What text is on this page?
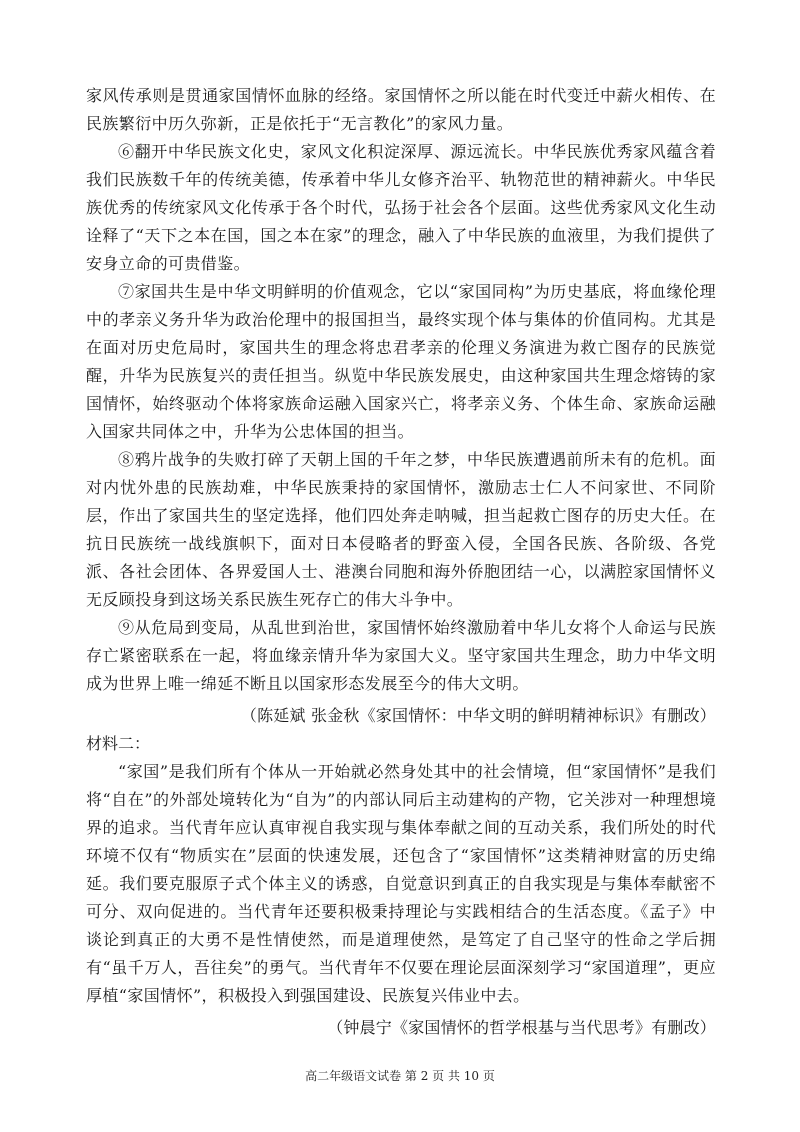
家风传承则是贯通家国情怀血脉的经络。家国情怀之所以能在时代变迁中薪火相传、在民族繁衍中历久弥新，正是依托于“无言教化”的家风力量。

⑥翻开中华民族文化史，家风文化积淀深厚、源远流长。中华民族优秀家风蕴含着我们民族数千年的传统美德，传承着中华儿女修齐治平、轨物范世的精神薪火。中华民族优秀的传统家风文化传承于各个时代，弘扬于社会各个层面。这些优秀家风文化生动诠释了“天下之本在国，国之本在家”的理念，融入了中华民族的血液里，为我们提供了安身立命的可贵借鉴。

⑦家国共生是中华文明鲜明的价值观念，它以“家国同构”为历史基底，将血缘伦理中的孝亲义务升华为政治伦理中的报国担当，最终实现个体与集体的价值同构。尤其是在面对历史危局时，家国共生的理念将忠君孝亲的伦理义务演进为救亡图存的民族觉醒，升华为民族复兴的责任担当。纵览中华民族发展史，由这种家国共生理念熔铸的家国情怀，始终驱动个体将家族命运融入国家兴亡，将孝亲义务、个体生命、家族命运融入国家共同体之中，升华为公忠体国的担当。

⑧鸦片战争的失败打碎了天朝上国的千年之梦，中华民族遭遇前所未有的危机。面对内忧外患的民族劫难，中华民族秉持的家国情怀，激励志士仁人不问家世、不同阶层，作出了家国共生的坚定选择，他们四处奔走呐喊，担当起救亡图存的历史大任。在抗日民族统一战线旗帜下，面对日本侵略者的野蛮入侵，全国各民族、各阶级、各党派、各社会团体、各界爱国人士、港澳台同胞和海外侨胞团结一心，以满腔家国情怀义无反顾投身到这场关系民族生死存亡的伟大斗争中。

⑨从危局到变局，从乱世到治世，家国情怀始终激励着中华儿女将个人命运与民族存亡紧密联系在一起，将血缘亲情升华为家国大义。坚守家国共生理念，助力中华文明成为世界上唯一绵延不断且以国家形态发展至今的伟大文明。

（陈延斌 张金秋《家国情怀：中华文明的鲜明精神标识》有删改）

材料二：

“家国”是我们所有个体从一开始就必然身处其中的社会情境，但“家国情怀”是我们将“自在”的外部处境转化为“自为”的内部认同后主动建构的产物，它关涉对一种理想境界的追求。当代青年应认真审视自我实现与集体奉献之间的互动关系，我们所处的时代环境不仅有“物质实在”层面的快速发展，还包含了“家国情怀”这类精神财富的历史绵延。我们要克服原子式个体主义的诱惑，自觉意识到真正的自我实现是与集体奉献密不可分、双向促进的。当代青年还要积极秉持理论与实践相结合的生活态度。《孟子》中谈论到真正的大勇不是性情使然，而是道理使然，是笃定了自己坚守的性命之学后拥有“虽千万人，吾往矣”的勇气。当代青年不仅要在理论层面深刻学习“家国道理”，更应厚植“家国情怀”，积极投入到强国建设、民族复兴伟业中去。

（钟晨宁《家国情怀的哲学根基与当代思考》有删改）

高二年级语文试卷 第 2 页 共 10 页
